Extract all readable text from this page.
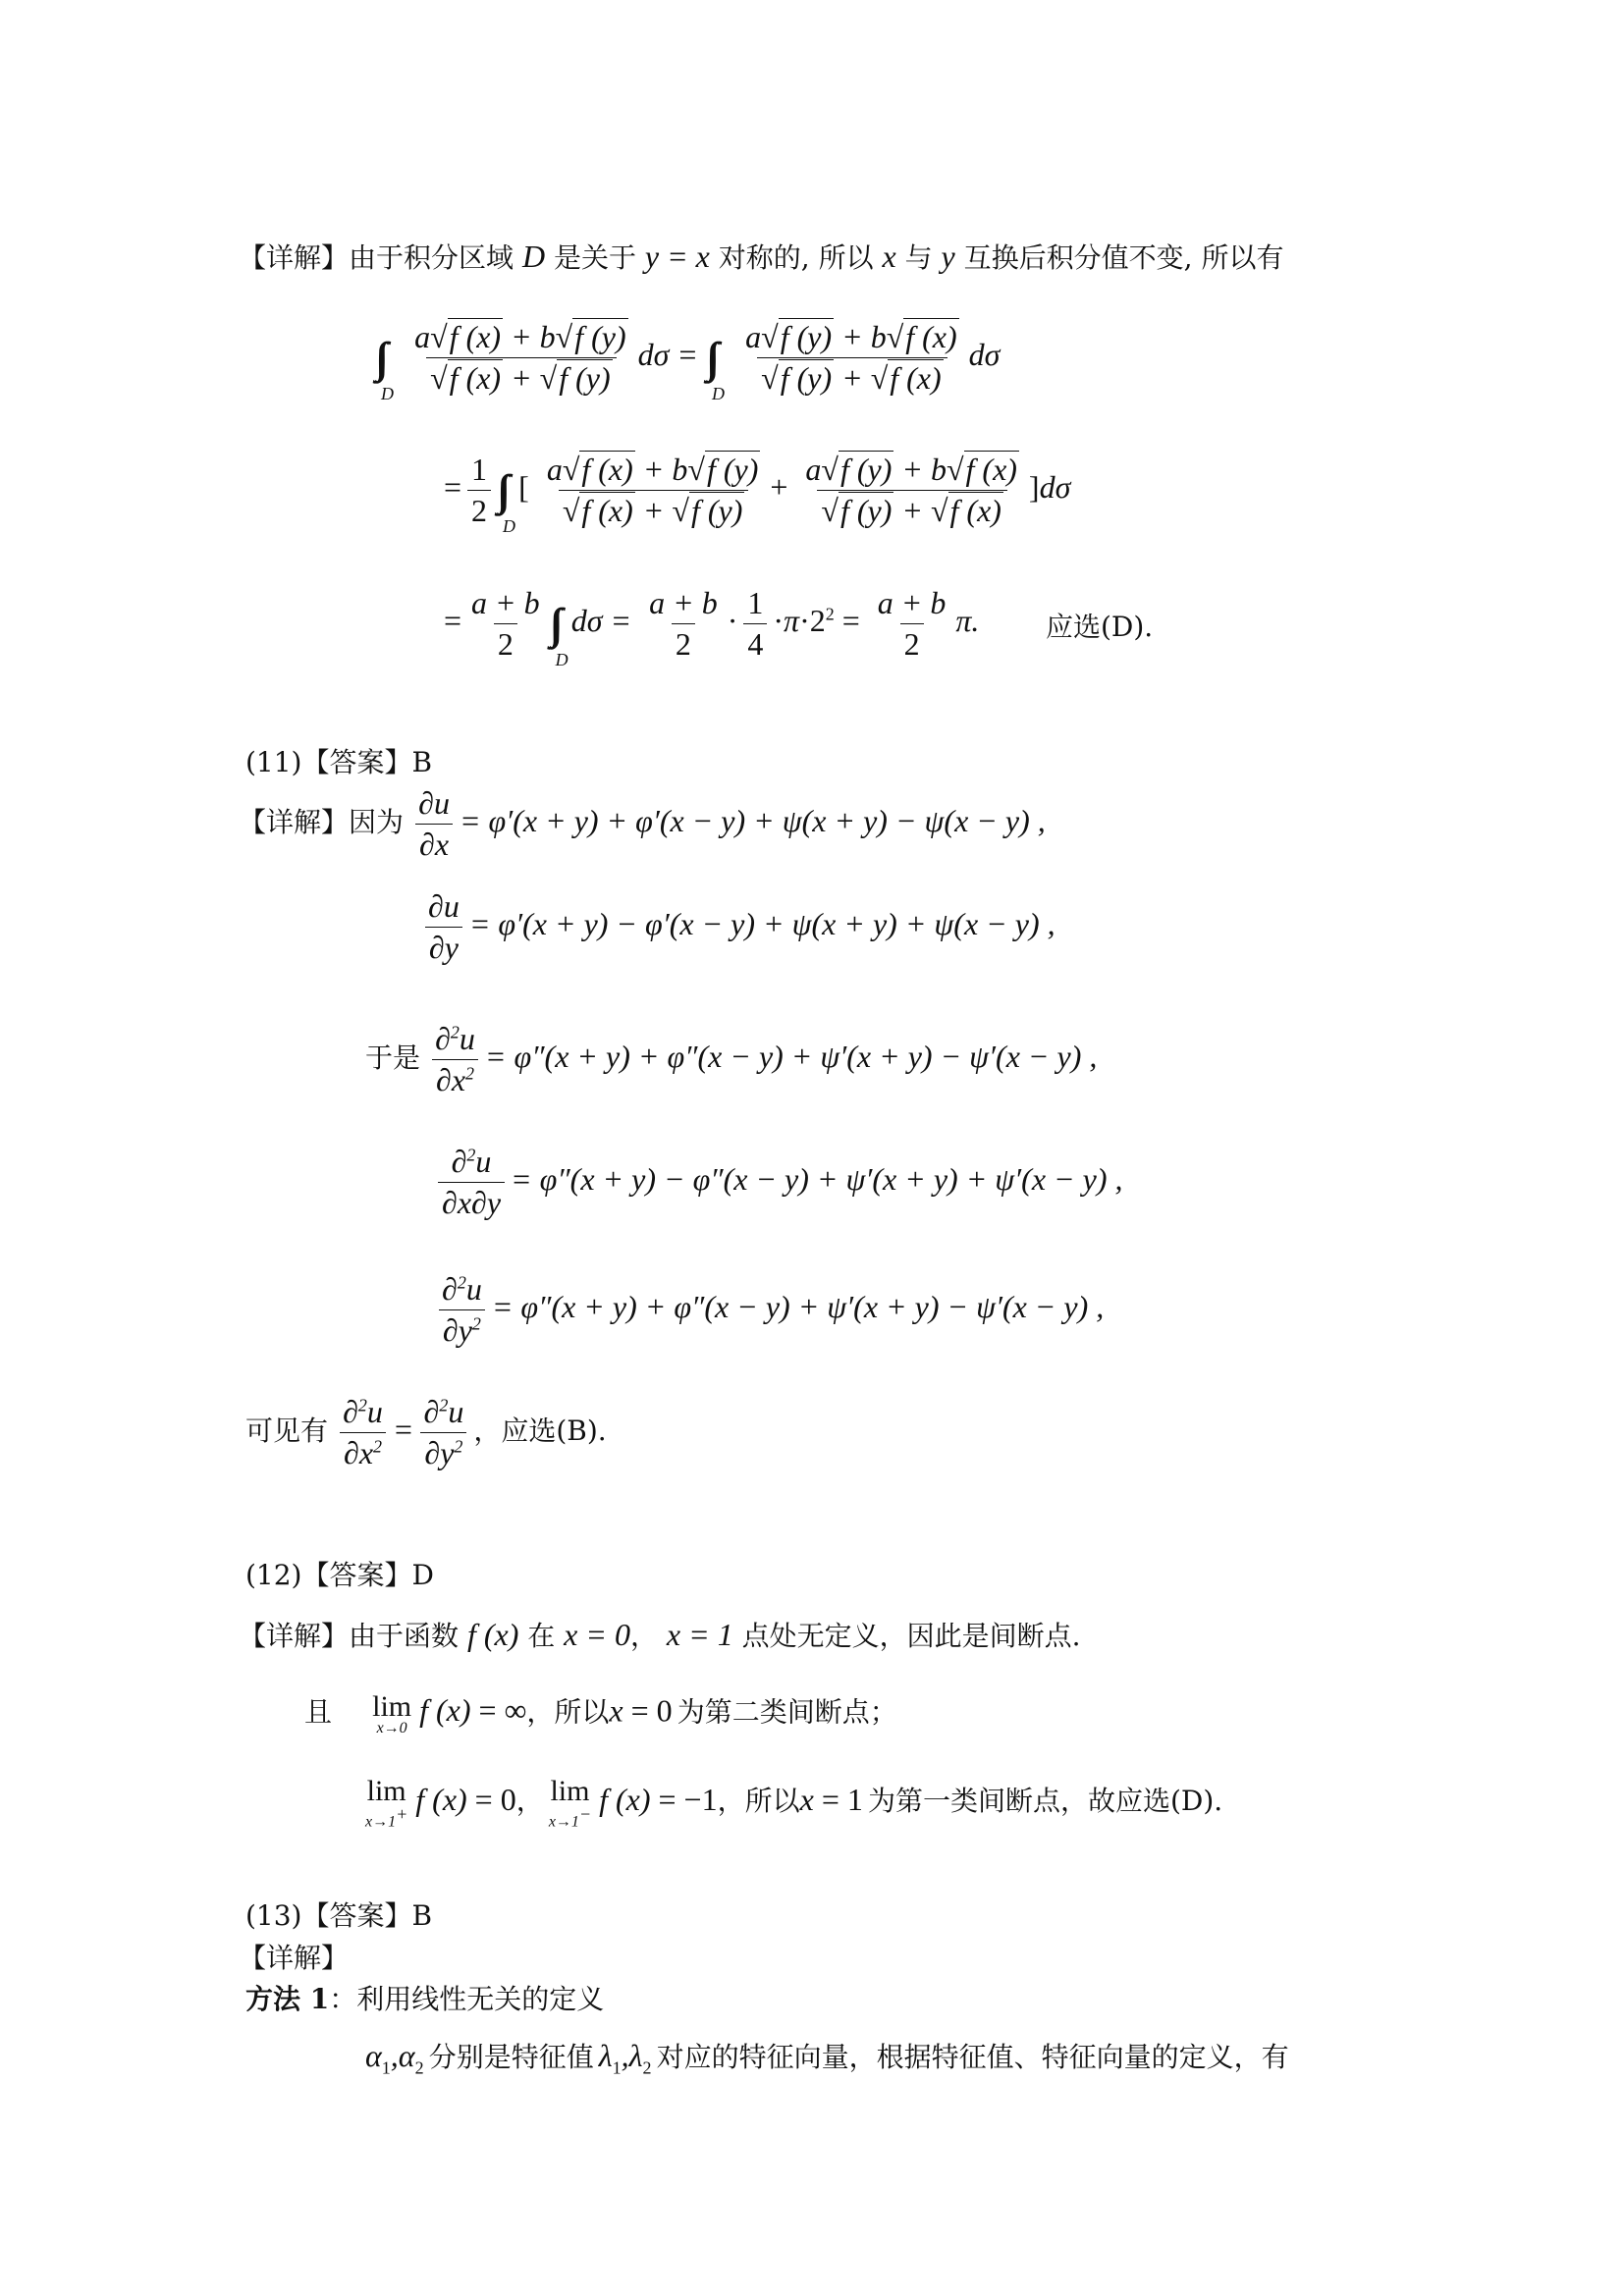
【详解】由于积分区域 D 是关于 y = x 对称的, 所以 x 与 y 互换后积分值不变, 所以有
∫∫
D
$\frac{a√f (x) + b√f (y)}{√f (x) + √f (y)}$ dσ = ∫∫
D
$\frac{a√f (y) + b√f (x)}{√f (y) + √f (x)}$ dσ
= $\frac{1}{2}$ ∫∫
D
[ $\frac{a√f (x) + b√f (y)}{√f (x) + √f (y)} + \frac{a√f (y) + b√f (x)}{√f (y) + √f (x)} ]d\sigma$
= $\frac{a + b}{2}$ ∫∫
D
$d\sigma = \frac{a + b}{2} \cdot \frac{1}{4} \cdot\pi\cdot 2^2 = \frac{a + b}{2} \pi$. 应选(D).
(11)【答案】B
【详解】因为 $\frac{\partial u}{\partial x} = \varphi'(x + y) + \varphi'(x - y) + \psi(x + y) - \psi(x - y)$ ,
$\frac{\partial u}{\partial y} = \varphi'(x + y) - \varphi'(x - y) + \psi(x + y) + \psi(x - y)$ ,
于是 $\frac{\partial^2u}{\partial x^2} = \varphi''(x + y) + \varphi''(x - y) + \psi'(x + y) - \psi'(x - y)$ ,
$\frac{\partial^2u}{\partial x\partial y} = \varphi''(x + y) - \varphi''(x - y) + \psi'(x + y) + \psi'(x - y)$ ,
$\frac{\partial^2u}{\partial y^2} = \varphi''(x + y) + \varphi''(x - y) + \psi'(x + y) - \psi'(x - y)$ ,
可见有 $\frac{\partial^2u}{\partial x^2} = \frac{\partial^2u}{\partial y^2}$ ，应选(B).
(12)【答案】D
【详解】由于函数 f (x) 在 x = 0， x = 1 点处无定义，因此是间断点.
且 lim
x→0
f (x) = ∞，所以x = 0 为第二类间断点；
lim
x→1+ f (x) = 0， lim
x→1− f (x) = −1，所以x = 1 为第一类间断点，故应选(D).
(13)【答案】B
【详解】
方法 1：利用线性无关的定义
$\alpha_1,\alpha_2$ 分别是特征值 $\lambda_1,\lambda_2$ 对应的特征向量，根据特征值、特征向量的定义，有
